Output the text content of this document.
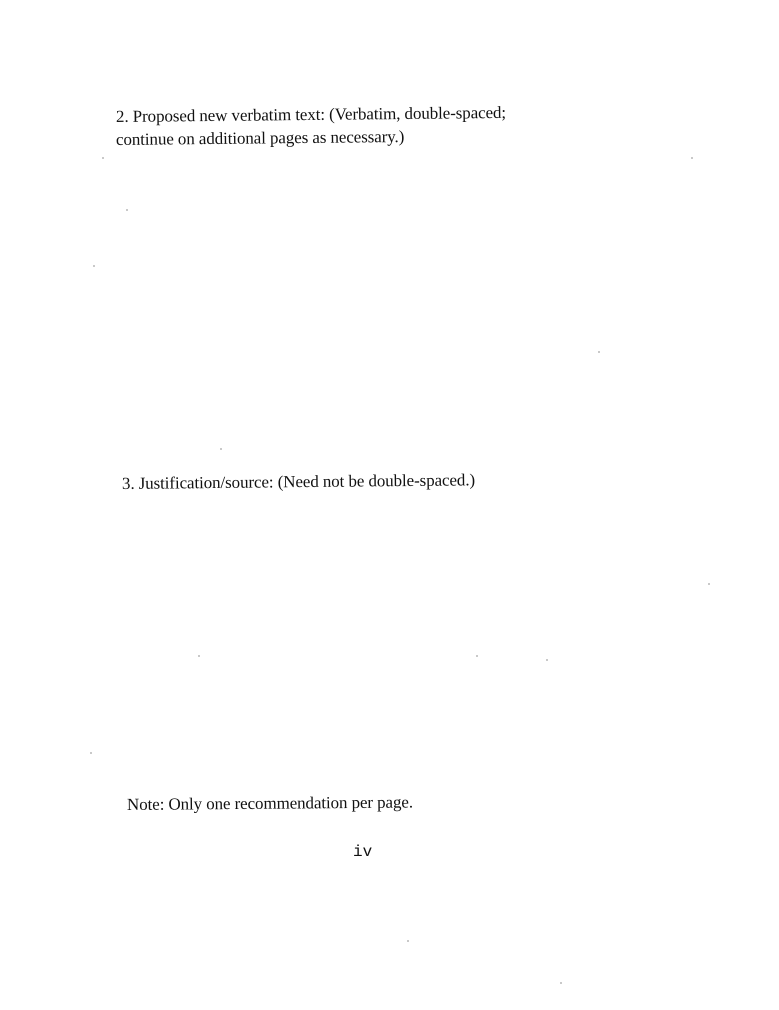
2. Proposed new verbatim text: (Verbatim, double-spaced;
continue on additional pages as necessary.)
3. Justification/source: (Need not be double-spaced.)
Note: Only one recommendation per page.
iv
